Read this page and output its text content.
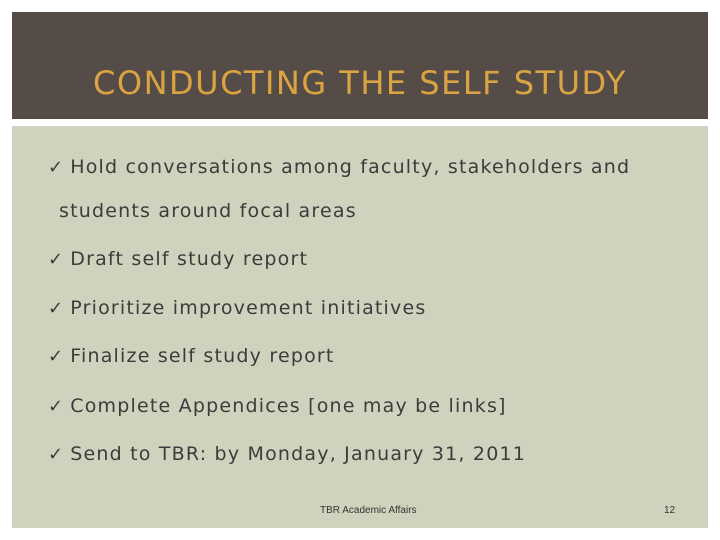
CONDUCTING THE SELF STUDY
✓ Hold conversations among faculty, stakeholders and
students around focal areas
✓ Draft self study report
✓ Prioritize improvement initiatives
✓ Finalize self study report
✓ Complete Appendices [one may be links]
✓ Send to TBR: by Monday, January 31, 2011
TBR Academic Affairs	12
